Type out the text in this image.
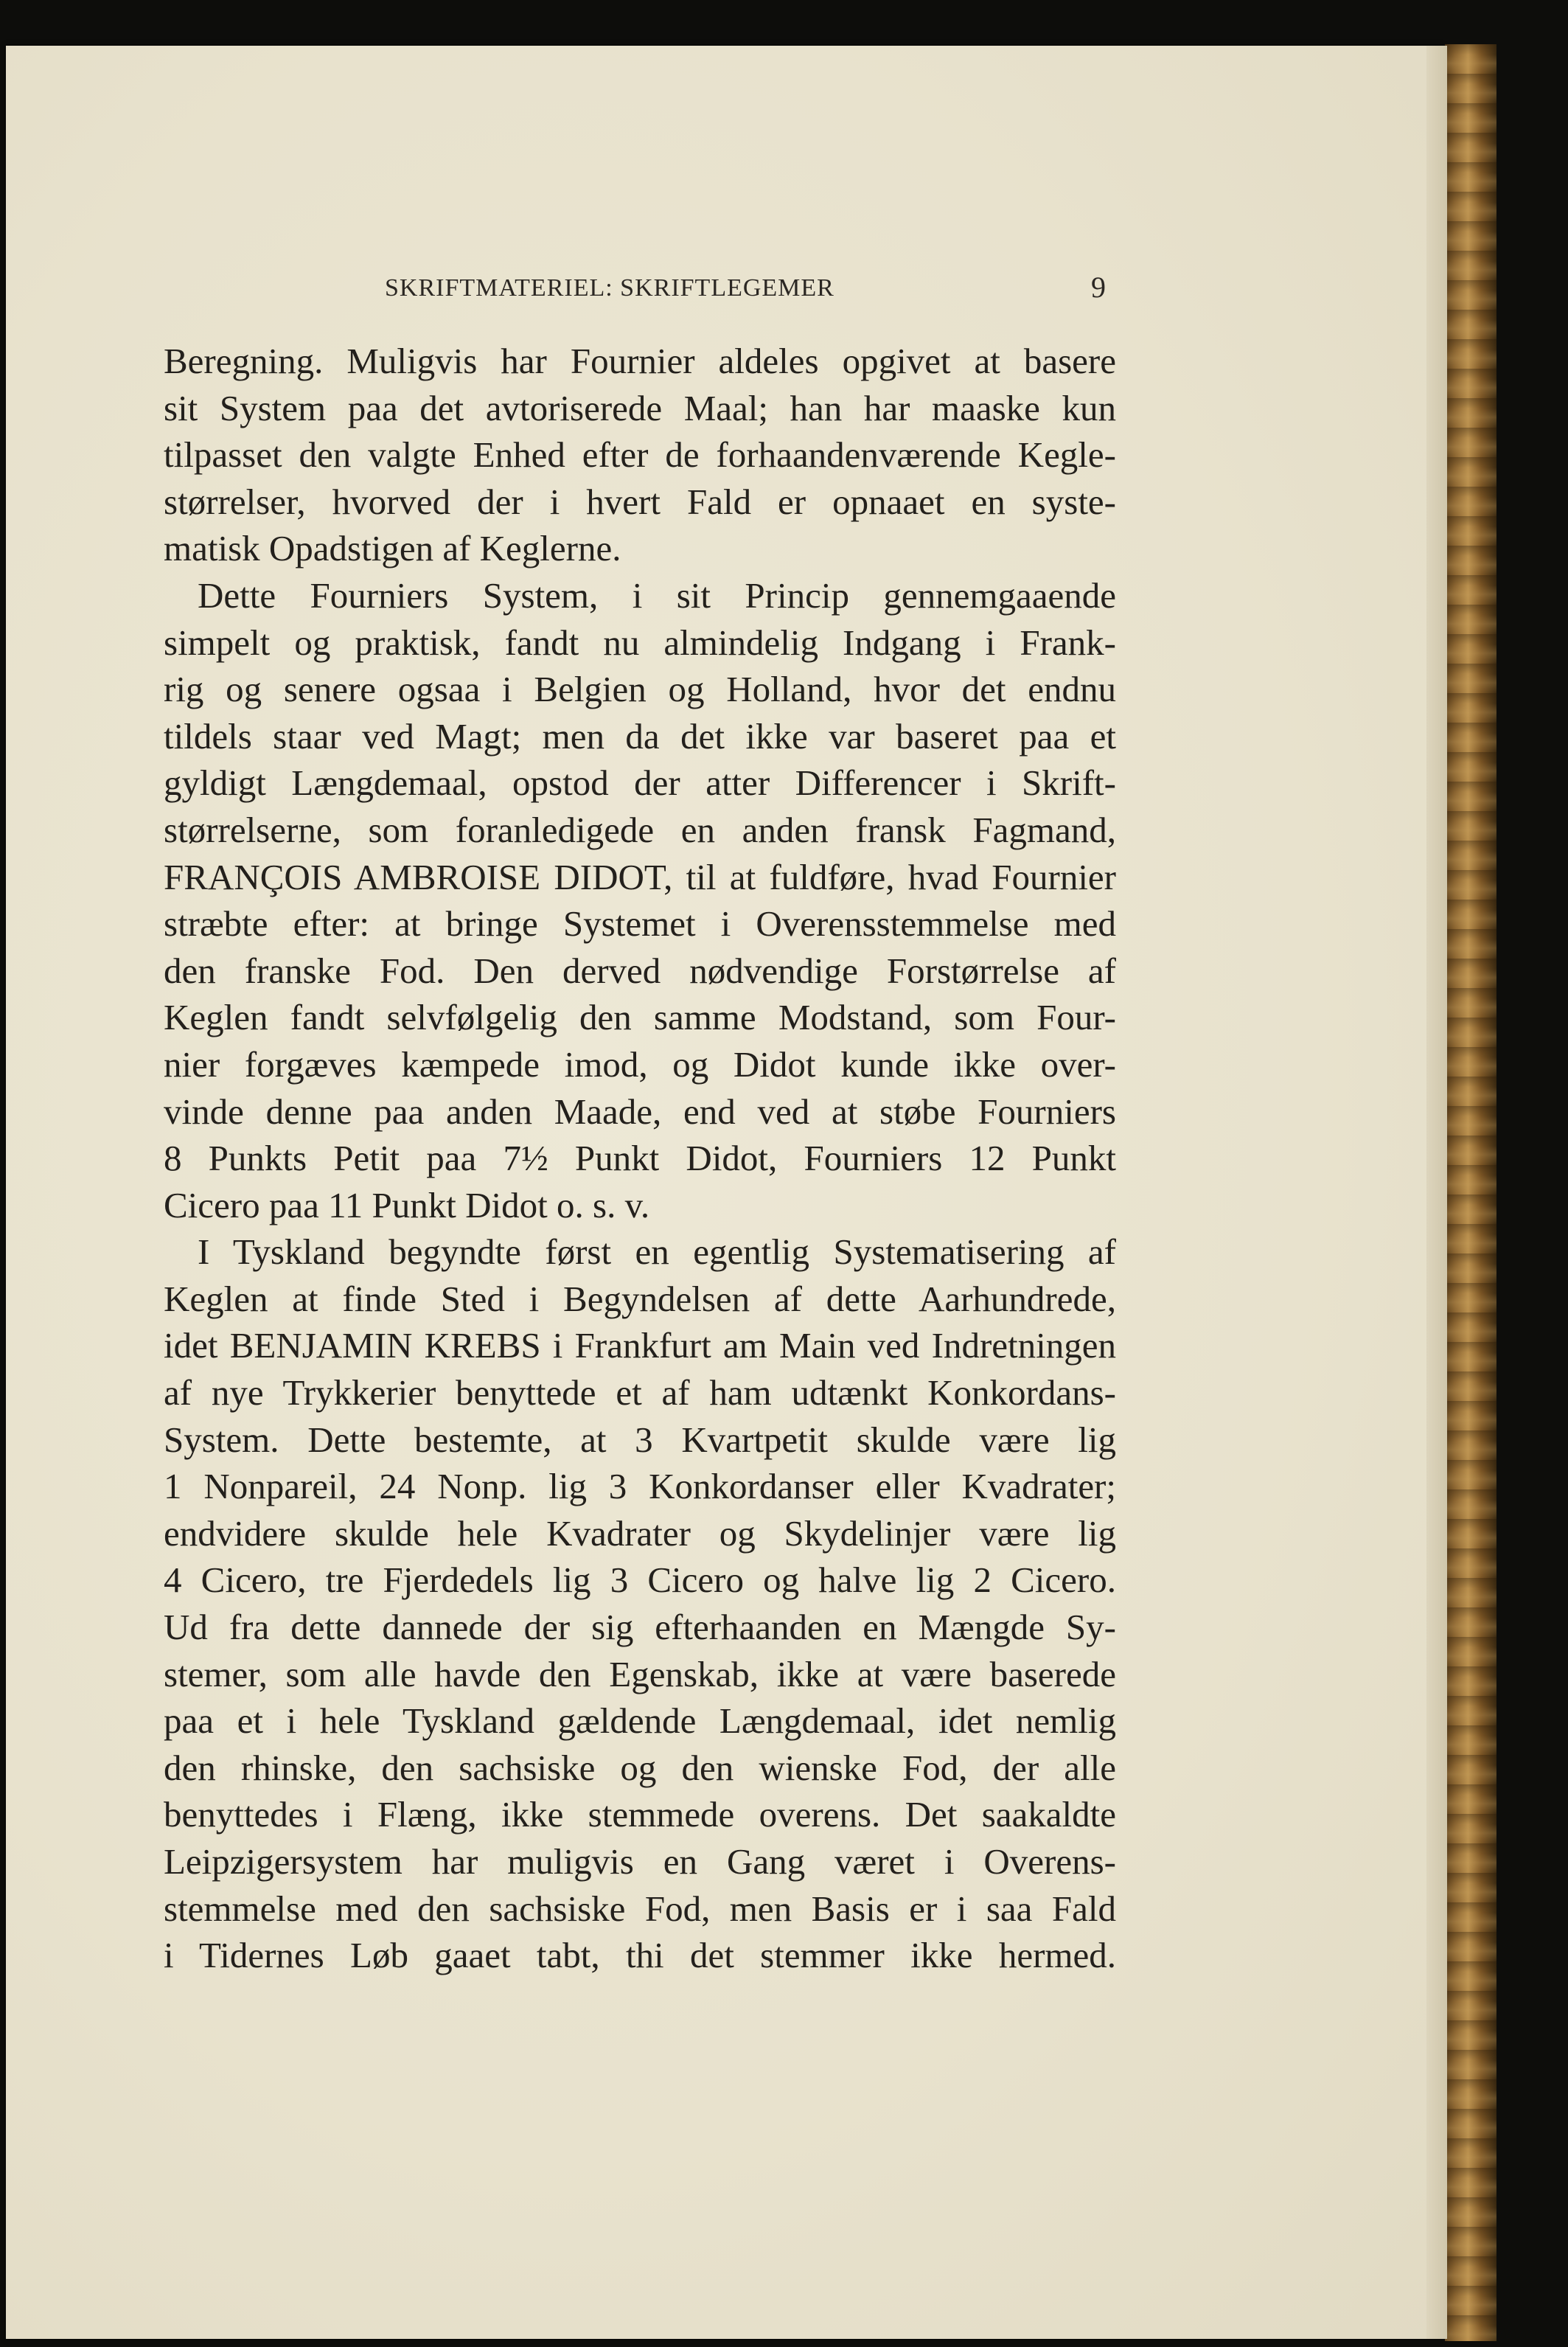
SKRIFTMATERIEL: SKRIFTLEGEMER	9
Beregning. Muligvis har Fournier aldeles opgivet at basere
sit System paa det avtoriserede Maal; han har maaske kun
tilpasset den valgte Enhed efter de forhaandenværende Kegle-
størrelser, hvorved der i hvert Fald er opnaaet en syste-
matisk Opadstigen af Keglerne.
Dette Fourniers System, i sit Princip gennemgaaende
simpelt og praktisk, fandt nu almindelig Indgang i Frank-
rig og senere ogsaa i Belgien og Holland, hvor det endnu
tildels staar ved Magt; men da det ikke var baseret paa et
gyldigt Længdemaal, opstod der atter Differencer i Skrift-
størrelserne, som foranledigede en anden fransk Fagmand,
FRANÇOIS AMBROISE DIDOT, til at fuldføre, hvad Fournier
stræbte efter: at bringe Systemet i Overensstemmelse med
den franske Fod. Den derved nødvendige Forstørrelse af
Keglen fandt selvfølgelig den samme Modstand, som Four-
nier forgæves kæmpede imod, og Didot kunde ikke over-
vinde denne paa anden Maade, end ved at støbe Fourniers
8 Punkts Petit paa 7½ Punkt Didot, Fourniers 12 Punkt
Cicero paa 11 Punkt Didot o. s. v.
I Tyskland begyndte først en egentlig Systematisering af
Keglen at finde Sted i Begyndelsen af dette Aarhundrede,
idet BENJAMIN KREBS i Frankfurt am Main ved Indretningen
af nye Trykkerier benyttede et af ham udtænkt Konkordans-
System. Dette bestemte, at 3 Kvartpetit skulde være lig
1 Nonpareil, 24 Nonp. lig 3 Konkordanser eller Kvadrater;
endvidere skulde hele Kvadrater og Skydelinjer være lig
4 Cicero, tre Fjerdedels lig 3 Cicero og halve lig 2 Cicero.
Ud fra dette dannede der sig efterhaanden en Mængde Sy-
stemer, som alle havde den Egenskab, ikke at være baserede
paa et i hele Tyskland gældende Længdemaal, idet nemlig
den rhinske, den sachsiske og den wienske Fod, der alle
benyttedes i Flæng, ikke stemmede overens. Det saakaldte
Leipzigersystem har muligvis en Gang været i Overens-
stemmelse med den sachsiske Fod, men Basis er i saa Fald
i Tidernes Løb gaaet tabt, thi det stemmer ikke hermed.
